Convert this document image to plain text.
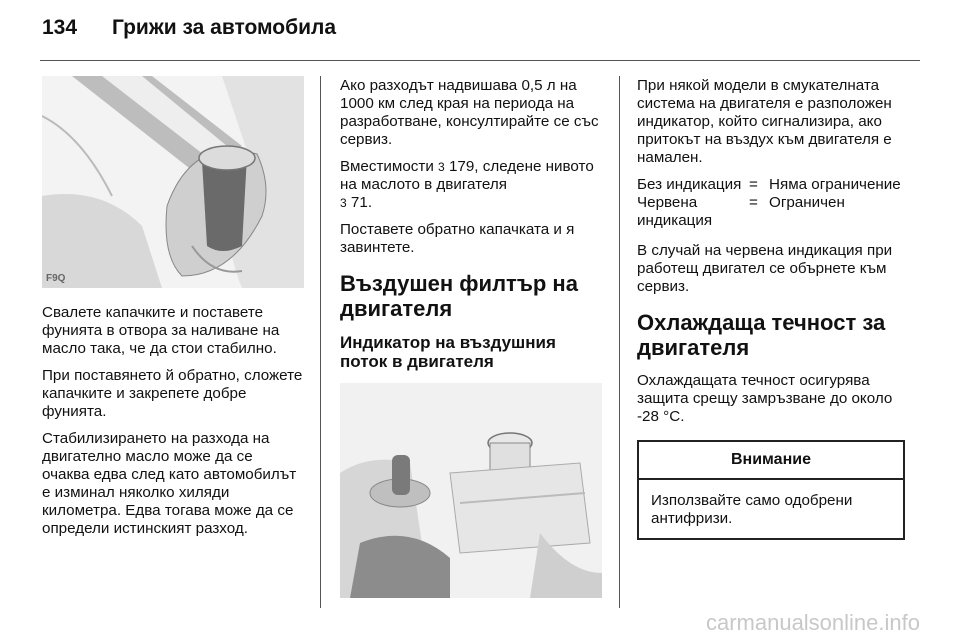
134	Грижи за автомобила
F9Q

Свалете капачките и поставете фунията в отвора за наливане на масло така, че да стои стабилно.

При поставянето й обратно, сложете капачките и закрепете добре фунията.

Стабилизирането на разхода на двигателно масло може да се очаква едва след като автомобилът е изминал няколко хиляди километра. Едва тогава може да се определи истинският разход.

Ако разходът надвишава 0,5 л на 1000 км след края на периода на разработване, консултирайте се със сервиз.

Вместимости 3 179, следене нивото на маслото в двигателя
3 71.

Поставете обратно капачката и я завинтете.

Въздушен филтър на двигателя
Индикатор на въздушния поток в двигателя

При някой модели в смукателната система на двигателя е разположен индикатор, който сигнализира, ако притокът на въздух към двигателя е намален.

Без индикация = Няма ограничение
Червена индикация
= Ограничен

В случай на червена индикация при работещ двигател се обърнете към сервиз.

Охлаждаща течност за двигателя

Охлаждащата течност осигурява защита срещу замръзване до около -28 °C.

Внимание
Използвайте само одобрени антифризи.
carmanualsonline.info
